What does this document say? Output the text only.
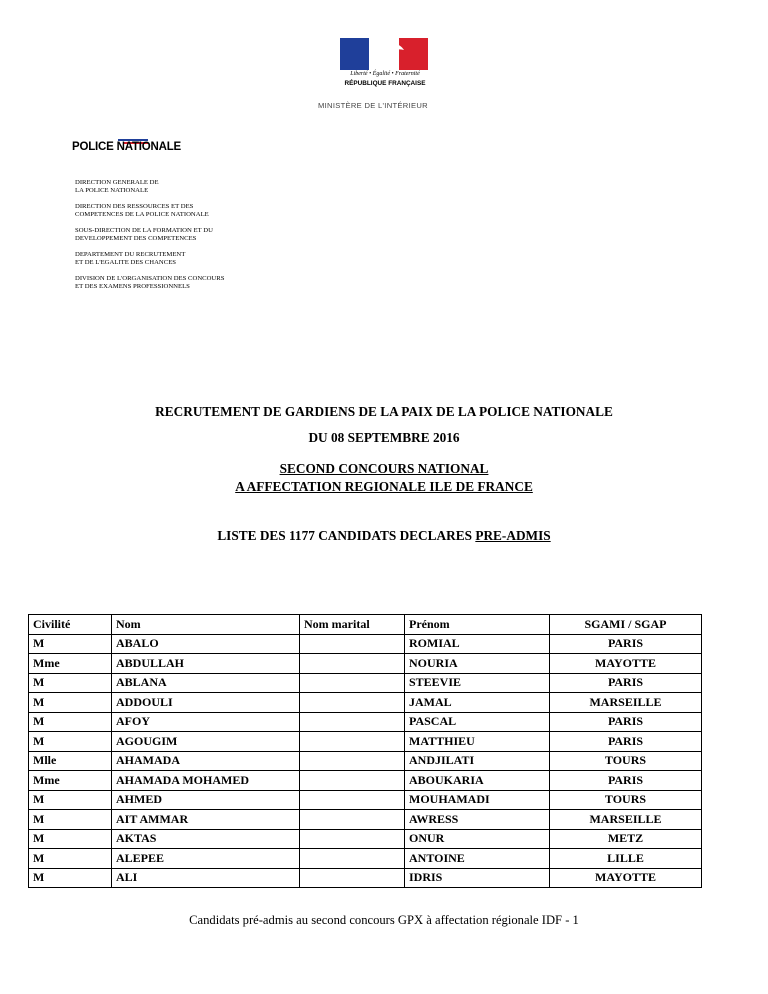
Liberté • Égalité • Fraternité
RÉPUBLIQUE FRANÇAISE
MINISTÈRE DE L'INTÉRIEUR
POLICE NATIONALE
DIRECTION GENERALE DE
LA POLICE NATIONALE
DIRECTION DES RESSOURCES ET DES
COMPETENCES DE LA POLICE NATIONALE
SOUS-DIRECTION DE LA FORMATION ET DU
DEVELOPPEMENT DES COMPETENCES
DEPARTEMENT DU RECRUTEMENT
ET DE L'EGALITE DES CHANCES
DIVISION DE L'ORGANISATION DES CONCOURS
ET DES EXAMENS PROFESSIONNELS
RECRUTEMENT DE GARDIENS DE LA PAIX DE LA POLICE NATIONALE
DU 08 SEPTEMBRE 2016
SECOND CONCOURS NATIONAL
A AFFECTATION REGIONALE ILE DE FRANCE
LISTE DES 1177 CANDIDATS DECLARES PRE-ADMIS
Civilité	Nom	Nom marital	Prénom	SGAMI / SGAP
M	ABALO		ROMIAL	PARIS
Mme	ABDULLAH		NOURIA	MAYOTTE
M	ABLANA		STEEVIE	PARIS
M	ADDOULI		JAMAL	MARSEILLE
M	AFOY		PASCAL	PARIS
M	AGOUGIM		MATTHIEU	PARIS
Mlle	AHAMADA		ANDJILATI	TOURS
Mme	AHAMADA MOHAMED		ABOUKARIA	PARIS
M	AHMED		MOUHAMADI	TOURS
M	AIT AMMAR		AWRESS	MARSEILLE
M	AKTAS		ONUR	METZ
M	ALEPEE		ANTOINE	LILLE
M	ALI		IDRIS	MAYOTTE
Candidats pré-admis au second concours GPX à affectation régionale IDF - 1
